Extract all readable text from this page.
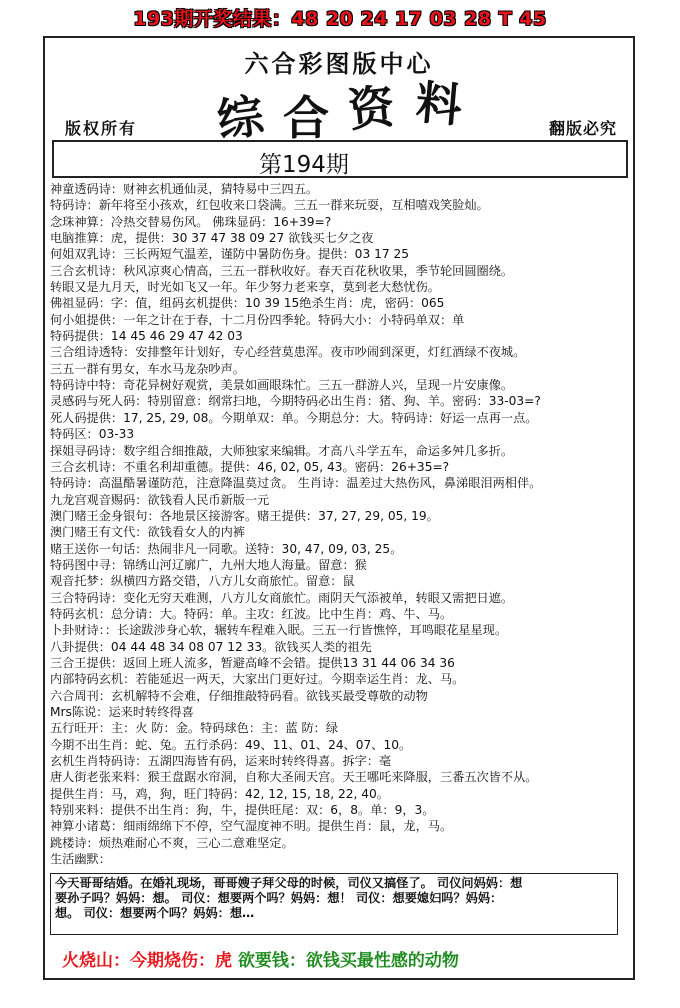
193期开奖结果：48 20 24 17 03 28 T 45
六合彩图版中心
综 合 资 料
版权所有	翻版必究
第194期
神童透码诗：财神玄机通仙灵，猜特易中三四五。
特码诗：新年将至小孩欢，红包收来口袋满。三五一群来玩耍，互相嘻戏笑脸灿。
念珠神算：冷热交替易伤风。 佛珠显码：16+39=?
电脑推算：虎，提供：30 37 47 38 09 27 欲钱买七夕之夜
何姐双乳诗：三长两短气温差，谨防中暑防伤身。提供：03 17 25
三合玄机诗：秋风凉爽心情高，三五一群秋收好。春天百花秋收果，季节轮回圆圈绕。
转眼又是九月天，时光如飞又一年。年少努力老来享，莫到老大愁忧伤。
佛祖显码：字：值，组码玄机提供：10 39 15绝杀生肖：虎，密码：065
何小姐提供：一年之计在于春，十二月份四季轮。特码大小：小特码单双：单
特码提供：14 45 46 29 47 42 03
三合组诗透特：安排整年计划好，专心经营莫患浑。夜市吵闹到深更，灯红酒绿不夜城。
三五一群有男女，车水马龙杂吵声。
特码诗中特：奇花异树好观赏，美景如画眼珠忙。三五一群游人兴，呈现一片安康像。
灵感码与死人码：特别留意：纲常扫地，今期特码必出生肖：猪、狗、羊。密码：33-03=?
死人码提供：17, 25, 29, 08。今期单双：单。今期总分：大。特码诗：好运一点再一点。
特码区：03-33
探姐寻码诗：数字组合细推敲，大师独家来编辑。才高八斗学五车，命运多舛几多折。
三合玄机诗：不重名利却重德。提供：46, 02, 05, 43。密码：26+35=?
特码诗：高温酷暑谨防范，注意降温莫过贪。 生肖诗：温差过大热伤风，鼻涕眼泪两相伴。
九龙宫观音赐码：欲钱看人民币新版一元
澳门赌王金身银句：各地景区接游客。赌王提供：37, 27, 29, 05, 19。
澳门赌王有文代：欲钱看女人的内裤
赌王送你一句话：热闹非凡一同歌。送特：30, 47, 09, 03, 25。
特码图中寻：锦绣山河辽廓广，九州大地人海量。留意：猴
观音托梦：纵横四方路交错，八方儿女商旅忙。留意：鼠
三合特码诗：变化无穷天难测，八方儿女商旅忙。雨阴天气添被单，转眼又需把日遮。
特码玄机：总分请：大。特码：单。主攻：红波。比中生肖：鸡、牛、马。
卜卦财诗：：长途跋涉身心软，辗转车程难入眠。三五一行皆憔悴，耳鸣眼花星星现。
八卦提供：04 44 48 34 08 07 12 33。欲钱买人类的祖先
三合王提供：返回上班人流多，暂避高峰不会错。提供13 31 44 06 34 36
内部特码玄机：若能延迟一两天，大家出门更好过。今期幸运生肖：龙、马。
六合周刊：玄机解特不会难，仔细推敲特码看。欲钱买最受尊敬的动物
Mrs陈说：运来时转终得喜
五行旺开：主：火 防：金。特码球色：主：蓝 防：绿
今期不出生肖：蛇、兔。五行杀码：49、11、01、24、07、10。
玄机生肖特码诗：五湖四海皆有码，运来时转终得喜。拆字：毫
唐人街老张来料：猴王盘踞水帘洞，自称大圣闹天宫。天王哪吒来降服，三番五次皆不从。
提供生肖：马，鸡，狗，旺门特码：42, 12, 15, 18, 22, 40。
特别来料：提供不出生肖：狗，牛，提供旺尾：双：6，8。单：9，3。
神算小诸葛：细雨绵绵下不停，空气湿度神不明。提供生肖：鼠，龙，马。
跳楼诗：烦热难耐心不爽，三心二意难坚定。
生活幽默：
今天哥哥结婚。在婚礼现场，哥哥嫂子拜父母的时候，司仪又搞怪了。 司仪问妈妈：想
要孙子吗？妈妈：想。 司仪：想要两个吗？妈妈：想！ 司仪：想要媳妇吗？妈妈：
想。 司仪：想要两个吗？妈妈：想…
火烧山：今期烧伤：虎 欲要钱：欲钱买最性感的动物
